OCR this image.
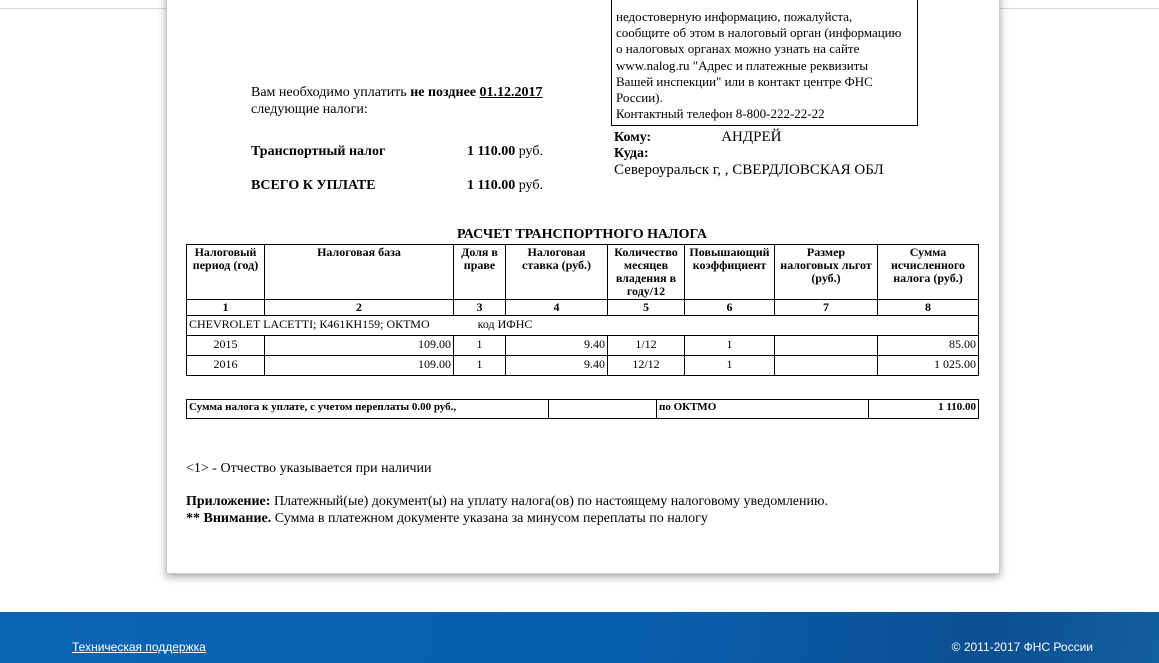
недостоверную информацию, пожалуйста,
сообщите об этом в налоговый орган (информацию
о налоговых органах можно узнать на сайте
www.nalog.ru "Адрес и платежные реквизиты
Вашей инспекции" или в контакт центре ФНС
России).
Контактный телефон 8-800-222-22-22
Кому:	АНДРЕЙ
Куда:
Североуральск г, , СВЕРДЛОВСКАЯ ОБЛ
Вам необходимо уплатить не позднее 01.12.2017
следующие налоги:
Транспортный налог	1 110.00 руб.
ВСЕГО К УПЛАТЕ	1 110.00 руб.
РАСЧЕТ ТРАНСПОРТНОГО НАЛОГА
Налоговый период (год)	Налоговая база	Доля в праве	Налоговая ставка (руб.)	Количество месяцев владения в году/12	Повышающий коэффициент	Размер налоговых льгот (руб.)	Сумма исчисленного налога (руб.)
1	2	3	4	5	6	7	8
CHEVROLET LACETTI; К461КН159; ОКТМО код ИФНС							
2015	109.00	1	9.40	1/12	1		85.00
2016	109.00	1	9.40	12/12	1		1 025.00
Сумма налога к уплате, с учетом переплаты 0.00 руб.,		по ОКТМО	1 110.00
<1> - Отчество указывается при наличии
Приложение: Платежный(ые) документ(ы) на уплату налога(ов) по настоящему налоговому уведомлению.
** Внимание. Сумма в платежном документе указана за минусом переплаты по налогу
Техническая поддержка	© 2011-2017 ФНС России
